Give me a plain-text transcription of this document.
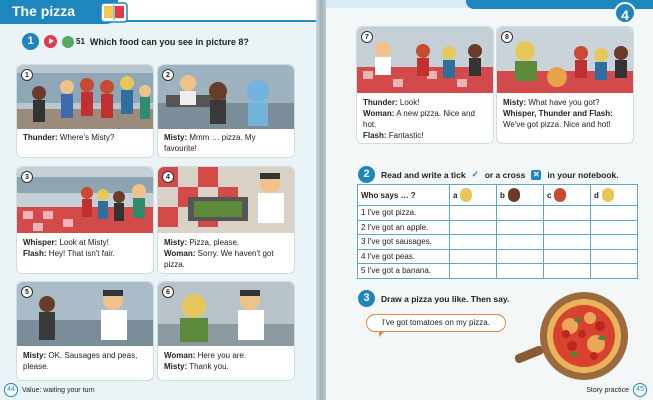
The pizza
1	51 Which food can you see in picture 8?
1
Thunder: Where's Misty?
2
Misty: Mmm … pizza. My favourite!
3
Whisper: Look at Misty!
Flash: Hey! That isn't fair.
4
Misty: Pizza, please.
Woman: Sorry. We haven't got pizza.
5
Misty: OK. Sausages and peas, please.
6
Woman: Here you are.
Misty: Thank you.
44	Value: waiting your turn
4
7
Thunder: Look!
Woman: A new pizza. Nice and hot.
Flash: Fantastic!
8
Misty: What have you got?
Whisper, Thunder and Flash: We've got pizza. Nice and hot!
2	Read and write a tick ✓ or a cross ✕ in your notebook.
Who says … ?	a	b	c	d

1 I've got pizza.				
2 I've got an apple.				
3 I've got sausages.				
4 I've got peas.				
5 I've got a banana.				
3	Draw a pizza you like. Then say.
I've got tomatoes on my pizza.
Story practice	45
